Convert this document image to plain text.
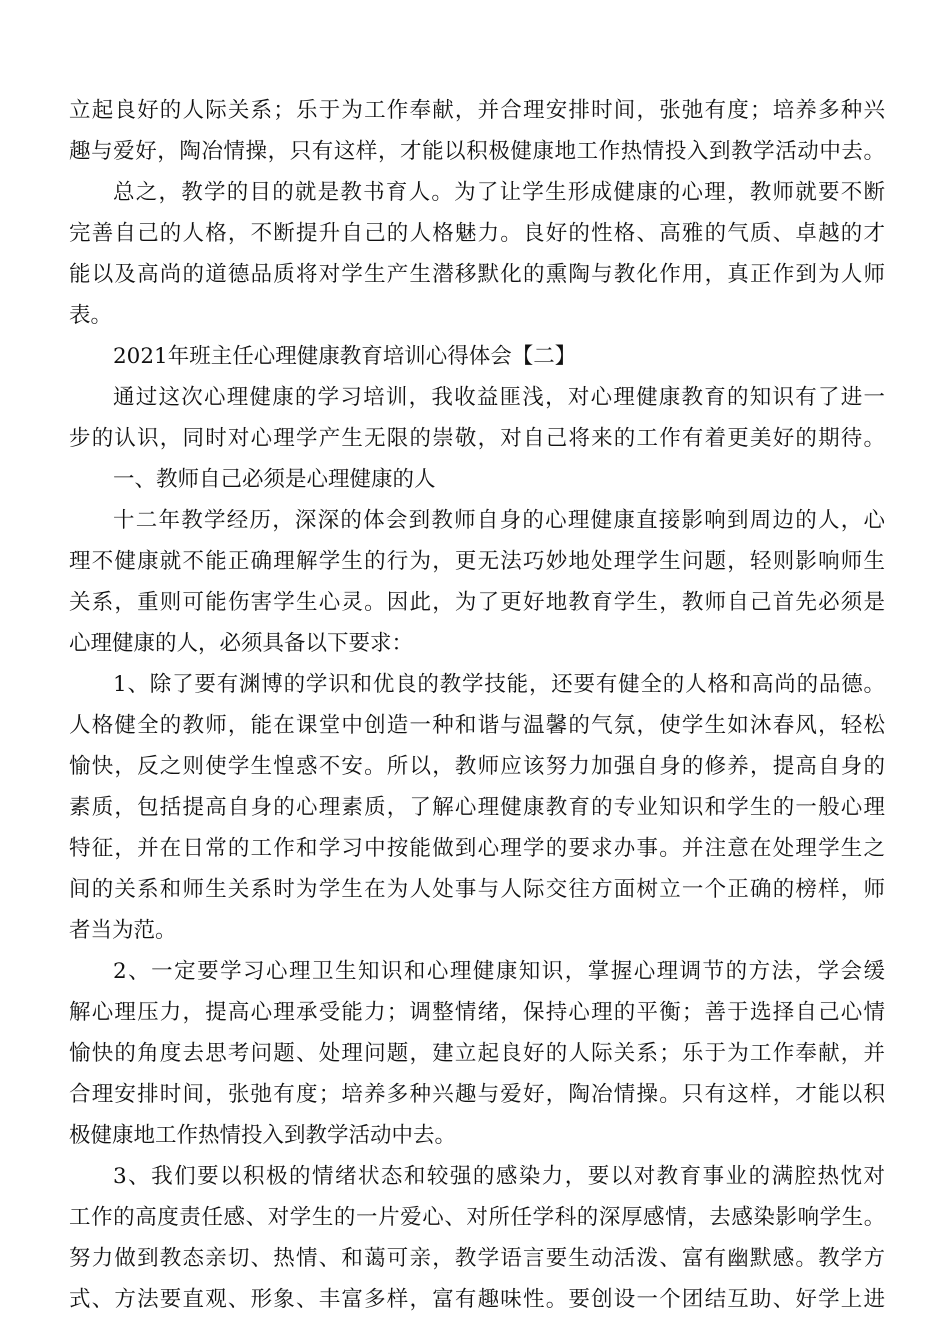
立起良好的人际关系；乐于为工作奉献，并合理安排时间，张弛有度；培养多种兴
趣与爱好，陶冶情操，只有这样，才能以积极健康地工作热情投入到教学活动中去。
总之，教学的目的就是教书育人。为了让学生形成健康的心理，教师就要不断
完善自己的人格，不断提升自己的人格魅力。良好的性格、高雅的气质、卓越的才
能以及高尚的道德品质将对学生产生潜移默化的熏陶与教化作用，真正作到为人师
表。
2021年班主任心理健康教育培训心得体会【二】
通过这次心理健康的学习培训，我收益匪浅，对心理健康教育的知识有了进一
步的认识，同时对心理学产生无限的崇敬，对自己将来的工作有着更美好的期待。
一、教师自己必须是心理健康的人
十二年教学经历，深深的体会到教师自身的心理健康直接影响到周边的人，心
理不健康就不能正确理解学生的行为，更无法巧妙地处理学生问题，轻则影响师生
关系，重则可能伤害学生心灵。因此，为了更好地教育学生，教师自己首先必须是
心理健康的人，必须具备以下要求：
1、除了要有渊博的学识和优良的教学技能，还要有健全的人格和高尚的品德。
人格健全的教师，能在课堂中创造一种和谐与温馨的气氛，使学生如沐春风，轻松
愉快，反之则使学生惶惑不安。所以，教师应该努力加强自身的修养，提高自身的
素质，包括提高自身的心理素质，了解心理健康教育的专业知识和学生的一般心理
特征，并在日常的工作和学习中按能做到心理学的要求办事。并注意在处理学生之
间的关系和师生关系时为学生在为人处事与人际交往方面树立一个正确的榜样，师
者当为范。
2、一定要学习心理卫生知识和心理健康知识，掌握心理调节的方法，学会缓
解心理压力，提高心理承受能力；调整情绪，保持心理的平衡；善于选择自己心情
愉快的角度去思考问题、处理问题，建立起良好的人际关系；乐于为工作奉献，并
合理安排时间，张弛有度；培养多种兴趣与爱好，陶冶情操。只有这样，才能以积
极健康地工作热情投入到教学活动中去。
3、我们要以积极的情绪状态和较强的感染力，要以对教育事业的满腔热忱对
工作的高度责任感、对学生的一片爱心、对所任学科的深厚感情，去感染影响学生。
努力做到教态亲切、热情、和蔼可亲，教学语言要生动活泼、富有幽默感。教学方
式、方法要直观、形象、丰富多样，富有趣味性。要创设一个团结互助、好学上进
